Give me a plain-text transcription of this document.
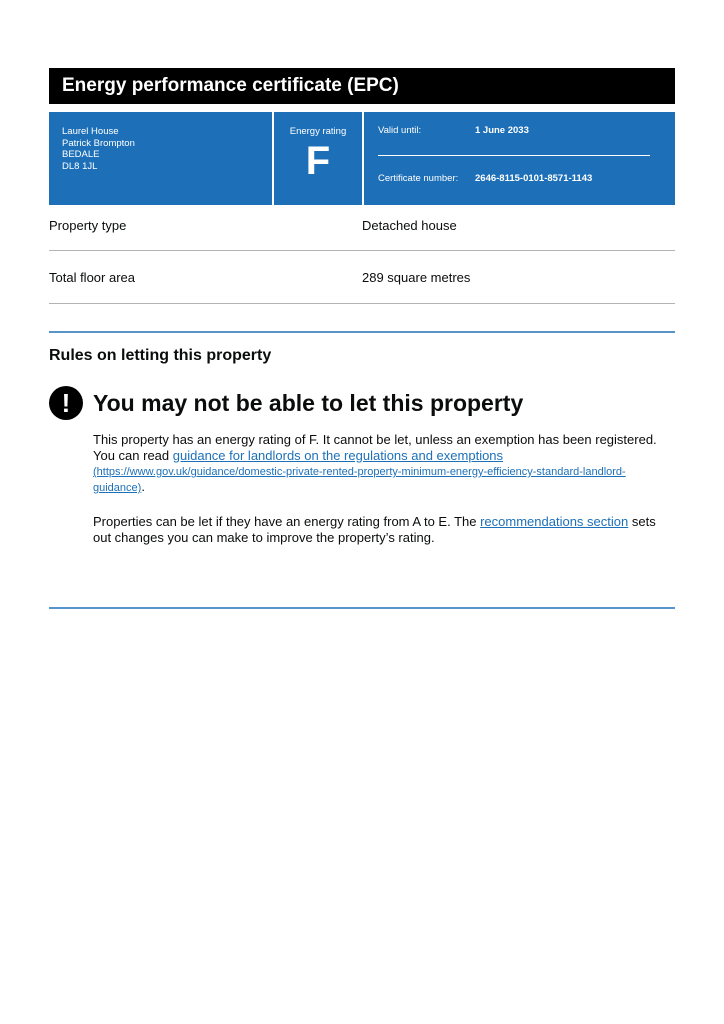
Energy performance certificate (EPC)
Laurel House
Patrick Brompton
BEDALE
DL8 1JL
Energy rating
F
Valid until:	1 June 2033
Certificate number:	2646-8115-0101-8571-1143
Property type	Detached house
Total floor area	289 square metres
Rules on letting this property
! You may not be able to let this property

This property has an energy rating of F. It cannot be let, unless an exemption has been registered. You can read guidance for landlords on the regulations and exemptions
(https://www.gov.uk/guidance/domestic-private-rented-property-minimum-energy-efficiency-standard-landlord-guidance).

Properties can be let if they have an energy rating from A to E. The recommendations section sets out changes you can make to improve the property’s rating.
